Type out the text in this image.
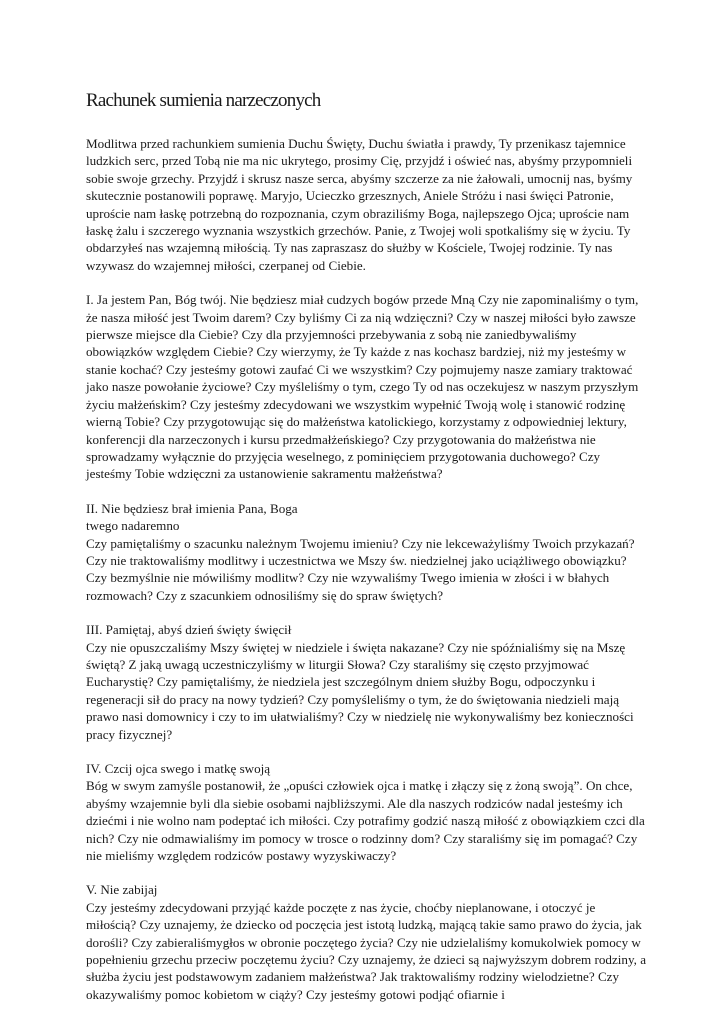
Rachunek sumienia narzeczonych

Modlitwa przed rachunkiem sumienia Duchu Święty, Duchu światła i prawdy, Ty przenikasz tajemnice ludzkich serc, przed Tobą nie ma nic ukrytego, prosimy Cię, przyjdź i oświeć nas, abyśmy przypomnieli sobie swoje grzechy. Przyjdź i skrusz nasze serca, abyśmy szczerze za nie żałowali, umocnij nas, byśmy skutecznie postanowili poprawę. Maryjo, Ucieczko grzesznych, Aniele Stróżu i nasi święci Patronie, uproście nam łaskę potrzebną do rozpoznania, czym obraziliśmy Boga, najlepszego Ojca; uproście nam łaskę żalu i szczerego wyznania wszystkich grzechów. Panie, z Twojej woli spotkaliśmy się w życiu. Ty obdarzyłeś nas wzajemną miłością. Ty nas zapraszasz do służby w Kościele, Twojej rodzinie. Ty nas wzywasz do wzajemnej miłości, czerpanej od Ciebie.

I. Ja jestem Pan, Bóg twój. Nie będziesz miał cudzych bogów przede Mną Czy nie zapominaliśmy o tym, że nasza miłość jest Twoim darem? Czy byliśmy Ci za nią wdzięczni? Czy w naszej miłości było zawsze pierwsze miejsce dla Ciebie? Czy dla przyjemności przebywania z sobą nie zaniedbywaliśmy obowiązków względem Ciebie? Czy wierzymy, że Ty każde z nas kochasz bardziej, niż my jesteśmy w stanie kochać? Czy jesteśmy gotowi zaufać Ci we wszystkim? Czy pojmujemy nasze zamiary traktować jako nasze powołanie życiowe? Czy myśleliśmy o tym, czego Ty od nas oczekujesz w naszym przyszłym życiu małżeńskim? Czy jesteśmy zdecydowani we wszystkim wypełnić Twoją wolę i stanowić rodzinę wierną Tobie? Czy przygotowując się do małżeństwa katolickiego, korzystamy z odpowiedniej lektury, konferencji dla narzeczonych i kursu przedmałżeńskiego? Czy przygotowania do małżeństwa nie sprowadzamy wyłącznie do przyjęcia weselnego, z pominięciem przygotowania duchowego? Czy jesteśmy Tobie wdzięczni za ustanowienie sakramentu małżeństwa?

II. Nie będziesz brał imienia Pana, Boga
twego nadaremno
Czy pamiętaliśmy o szacunku należnym Twojemu imieniu? Czy nie lekceważyliśmy Twoich przykazań? Czy nie traktowaliśmy modlitwy i uczestnictwa we Mszy św. niedzielnej jako uciążliwego obowiązku? Czy bezmyślnie nie mówiliśmy modlitw? Czy nie wzywaliśmy Twego imienia w złości i w błahych rozmowach? Czy z szacunkiem odnosiliśmy się do spraw świętych?

III. Pamiętaj, abyś dzień święty święcił
Czy nie opuszczaliśmy Mszy świętej w niedziele i święta nakazane? Czy nie spóźnialiśmy się na Mszę świętą? Z jaką uwagą uczestniczyliśmy w liturgii Słowa? Czy staraliśmy się często przyjmować Eucharystię? Czy pamiętaliśmy, że niedziela jest szczególnym dniem służby Bogu, odpoczynku i regeneracji sił do pracy na nowy tydzień? Czy pomyśleliśmy o tym, że do świętowania niedzieli mają prawo nasi domownicy i czy to im ułatwialiśmy? Czy w niedzielę nie wykonywaliśmy bez konieczności pracy fizycznej?

IV. Czcij ojca swego i matkę swoją
Bóg w swym zamyśle postanowił, że „opuści człowiek ojca i matkę i złączy się z żoną swoją”. On chce, abyśmy wzajemnie byli dla siebie osobami najbliższymi. Ale dla naszych rodziców nadal jesteśmy ich dziećmi i nie wolno nam podeptać ich miłości. Czy potrafimy godzić naszą miłość z obowiązkiem czci dla nich? Czy nie odmawialiśmy im pomocy w trosce o rodzinny dom? Czy staraliśmy się im pomagać? Czy nie mieliśmy względem rodziców postawy wyzyskiwaczy?

V. Nie zabijaj
Czy jesteśmy zdecydowani przyjąć każde poczęte z nas życie, choćby nieplanowane, i otoczyć je miłością? Czy uznajemy, że dziecko od poczęcia jest istotą ludzką, mającą takie samo prawo do życia, jak dorośli? Czy zabieraliśmygłos w obronie poczętego życia? Czy nie udzielaliśmy komukolwiek pomocy w popełnieniu grzechu przeciw poczętemu życiu? Czy uznajemy, że dzieci są najwyższym dobrem rodziny, a służba życiu jest podstawowym zadaniem małżeństwa? Jak traktowaliśmy rodziny wielodzietne? Czy okazywaliśmy pomoc kobietom w ciąży? Czy jesteśmy gotowi podjąć ofiarnie i
